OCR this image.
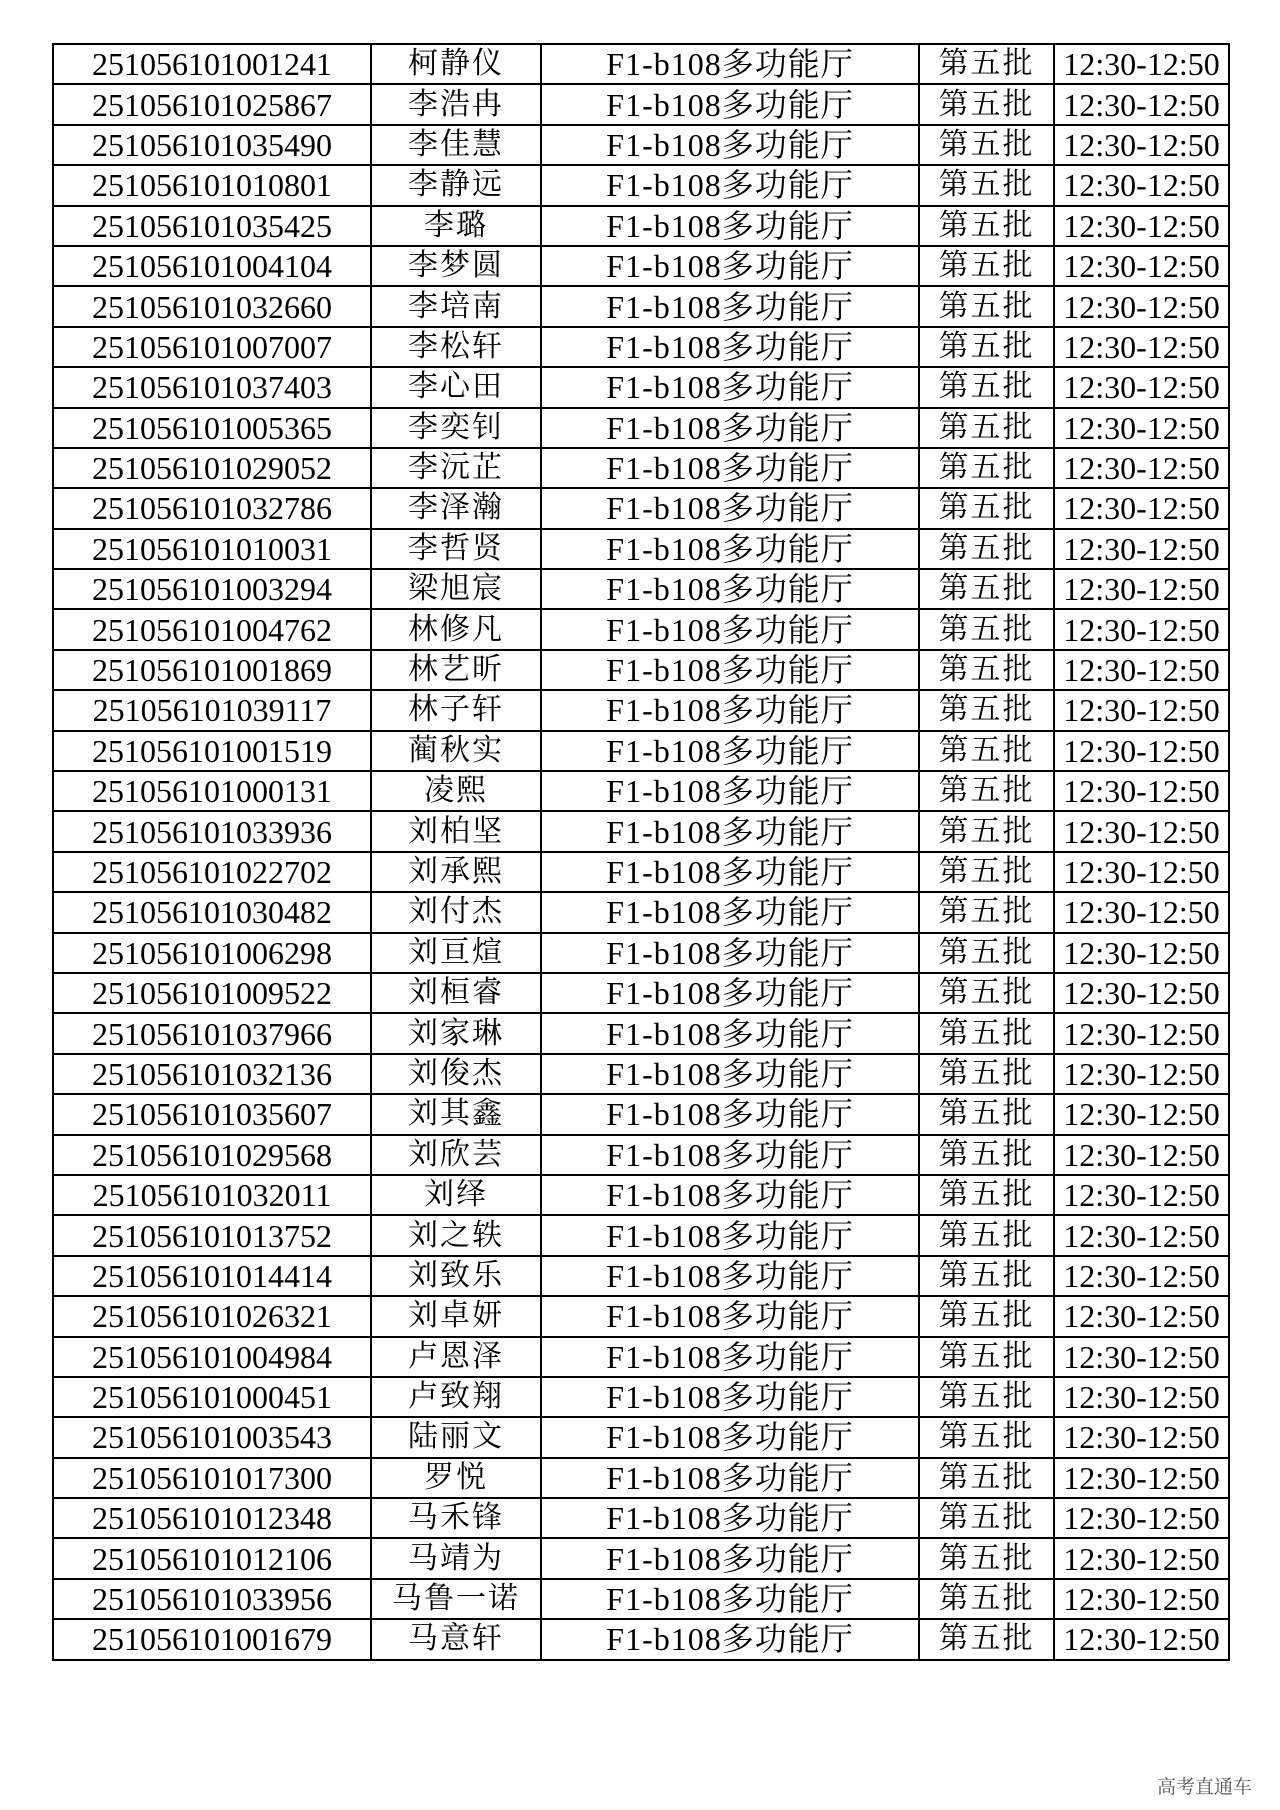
251056101001241	柯静仪	F1-b108多功能厅	第五批	12:30-12:50
251056101025867	李浩冉	F1-b108多功能厅	第五批	12:30-12:50
251056101035490	李佳慧	F1-b108多功能厅	第五批	12:30-12:50
251056101010801	李静远	F1-b108多功能厅	第五批	12:30-12:50
251056101035425	李璐	F1-b108多功能厅	第五批	12:30-12:50
251056101004104	李梦圆	F1-b108多功能厅	第五批	12:30-12:50
251056101032660	李培南	F1-b108多功能厅	第五批	12:30-12:50
251056101007007	李松轩	F1-b108多功能厅	第五批	12:30-12:50
251056101037403	李心田	F1-b108多功能厅	第五批	12:30-12:50
251056101005365	李奕钊	F1-b108多功能厅	第五批	12:30-12:50
251056101029052	李沅芷	F1-b108多功能厅	第五批	12:30-12:50
251056101032786	李泽瀚	F1-b108多功能厅	第五批	12:30-12:50
251056101010031	李哲贤	F1-b108多功能厅	第五批	12:30-12:50
251056101003294	梁旭宸	F1-b108多功能厅	第五批	12:30-12:50
251056101004762	林修凡	F1-b108多功能厅	第五批	12:30-12:50
251056101001869	林艺昕	F1-b108多功能厅	第五批	12:30-12:50
251056101039117	林子轩	F1-b108多功能厅	第五批	12:30-12:50
251056101001519	蔺秋实	F1-b108多功能厅	第五批	12:30-12:50
251056101000131	凌熙	F1-b108多功能厅	第五批	12:30-12:50
251056101033936	刘柏坚	F1-b108多功能厅	第五批	12:30-12:50
251056101022702	刘承熙	F1-b108多功能厅	第五批	12:30-12:50
251056101030482	刘付杰	F1-b108多功能厅	第五批	12:30-12:50
251056101006298	刘亘煊	F1-b108多功能厅	第五批	12:30-12:50
251056101009522	刘桓睿	F1-b108多功能厅	第五批	12:30-12:50
251056101037966	刘家琳	F1-b108多功能厅	第五批	12:30-12:50
251056101032136	刘俊杰	F1-b108多功能厅	第五批	12:30-12:50
251056101035607	刘其鑫	F1-b108多功能厅	第五批	12:30-12:50
251056101029568	刘欣芸	F1-b108多功能厅	第五批	12:30-12:50
251056101032011	刘绎	F1-b108多功能厅	第五批	12:30-12:50
251056101013752	刘之轶	F1-b108多功能厅	第五批	12:30-12:50
251056101014414	刘致乐	F1-b108多功能厅	第五批	12:30-12:50
251056101026321	刘卓妍	F1-b108多功能厅	第五批	12:30-12:50
251056101004984	卢恩泽	F1-b108多功能厅	第五批	12:30-12:50
251056101000451	卢致翔	F1-b108多功能厅	第五批	12:30-12:50
251056101003543	陆丽文	F1-b108多功能厅	第五批	12:30-12:50
251056101017300	罗悦	F1-b108多功能厅	第五批	12:30-12:50
251056101012348	马禾锋	F1-b108多功能厅	第五批	12:30-12:50
251056101012106	马靖为	F1-b108多功能厅	第五批	12:30-12:50
251056101033956	马鲁一诺	F1-b108多功能厅	第五批	12:30-12:50
251056101001679	马意轩	F1-b108多功能厅	第五批	12:30-12:50
高考直通车
